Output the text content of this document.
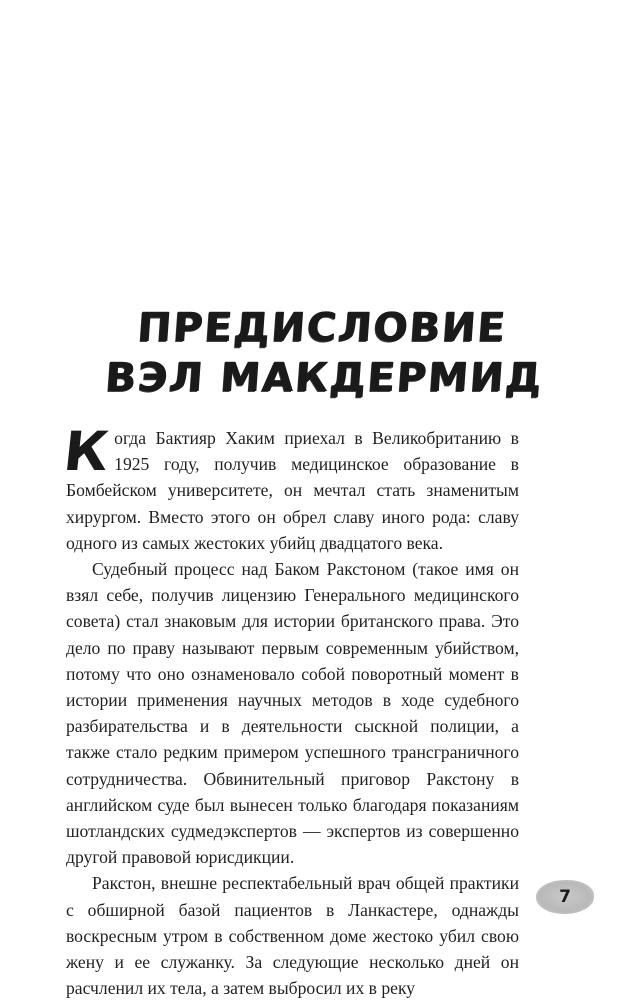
ПРЕДИСЛОВИЕ
ВЭЛ МАКДЕРМИД

Когда Бактияр Хаким приехал в Великобританию в 1925 году, получив медицинское образование в Бомбейском университете, он мечтал стать знаменитым хирургом. Вместо этого он обрел славу иного рода: славу одного из самых жестоких убийц двадцатого века.

Судебный процесс над Баком Ракстоном (такое имя он взял себе, получив лицензию Генерального медицинского совета) стал знаковым для истории британского права. Это дело по праву называют первым современным убийством, потому что оно ознаменовало собой поворотный момент в истории применения научных методов в ходе судебного разбирательства и в деятельности сыскной полиции, а также стало редким примером успешного трансграничного сотрудничества. Обвинительный приговор Ракстону в английском суде был вынесен только благодаря показаниям шотландских судмедэкспертов — экспертов из совершенно другой правовой юрисдикции.

Ракстон, внешне респектабельный врач общей практики с обширной базой пациентов в Ланкастере, однажды воскресным утром в собственном доме жестоко убил свою жену и ее служанку. За следующие несколько дней он расчленил их тела, а затем выбросил их в реку

7
